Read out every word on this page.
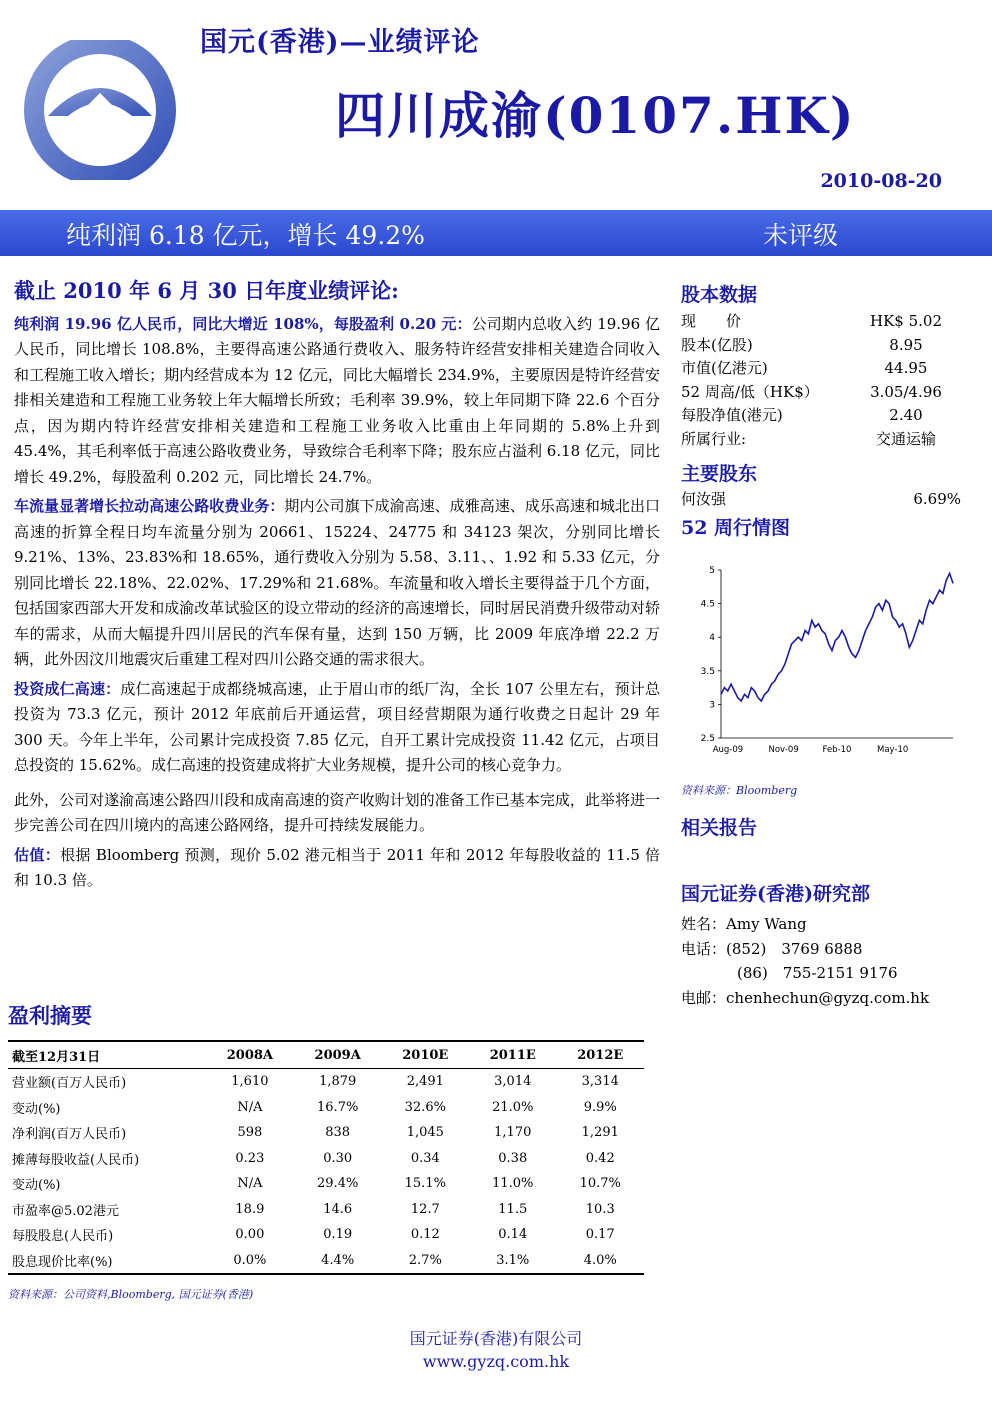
国元(香港)—业绩评论
四川成渝(0107.HK)
2010-08-20
纯利润 6.18 亿元，增长 49.2%	未评级
截止 2010 年 6 月 30 日年度业绩评论:
纯利润 19.96 亿人民币，同比大增近 108%，每股盈利 0.20 元：公司期内总收入约 19.96 亿人民币，同比增长 108.8%，主要得高速公路通行费收入、服务特许经营安排相关建造合同收入和工程施工收入增长；期内经营成本为 12 亿元，同比大幅增长 234.9%，主要原因是特许经营安排相关建造和工程施工业务较上年大幅增长所致；毛利率 39.9%，较上年同期下降 22.6 个百分点，因为期内特许经营安排相关建造和工程施工业务收入比重由上年同期的 5.8%上升到 45.4%，其毛利率低于高速公路收费业务，导致综合毛利率下降；股东应占溢利 6.18 亿元，同比增长 49.2%，每股盈利 0.202 元，同比增长 24.7%。
车流量显著增长拉动高速公路收费业务：期内公司旗下成渝高速、成雅高速、成乐高速和城北出口高速的折算全程日均车流量分别为 20661、15224、24775 和 34123 架次，分别同比增长 9.21%、13%、23.83%和 18.65%，通行费收入分别为 5.58、3.11、、1.92 和 5.33 亿元，分别同比增长 22.18%、22.02%、17.29%和 21.68%。车流量和收入增长主要得益于几个方面，包括国家西部大开发和成渝改革试验区的设立带动的经济的高速增长，同时居民消费升级带动对轿车的需求，从而大幅提升四川居民的汽车保有量，达到 150 万辆，比 2009 年底净增 22.2 万辆，此外因汶川地震灾后重建工程对四川公路交通的需求很大。
投资成仁高速：成仁高速起于成都绕城高速，止于眉山市的纸厂沟，全长 107 公里左右，预计总投资为 73.3 亿元，预计 2012 年底前后开通运营，项目经营期限为通行收费之日起计 29 年 300 天。今年上半年，公司累计完成投资 7.85 亿元，自开工累计完成投资 11.42 亿元，占项目总投资的 15.62%。成仁高速的投资建成将扩大业务规模，提升公司的核心竞争力。
此外，公司对遂渝高速公路四川段和成南高速的资产收购计划的准备工作已基本完成，此举将进一步完善公司在四川境内的高速公路网络，提升可持续发展能力。
估值：根据 Bloomberg 预测，现价 5.02 港元相当于 2011 年和 2012 年每股收益的 11.5 倍和 10.3 倍。
盈利摘要
截至12月31日	2008A	2009A	2010E	2011E	2012E
营业额(百万人民币)	1,610	1,879	2,491	3,014	3,314
变动(%)	N/A	16.7%	32.6%	21.0%	9.9%
净利润(百万人民币)	598	838	1,045	1,170	1,291
摊薄每股收益(人民币)	0.23	0.30	0.34	0.38	0.42
变动(%)	N/A	29.4%	15.1%	11.0%	10.7%
市盈率@5.02港元	18.9	14.6	12.7	11.5	10.3
每股股息(人民币)	0.00	0.19	0.12	0.14	0.17
股息现价比率(%)	0.0%	4.4%	2.7%	3.1%	4.0%
资料来源：公司资料,Bloomberg, 国元证券(香港)
股本数据
现　　价	HK$ 5.02
股本(亿股)	8.95
市值(亿港元)	44.95
52 周高/低（HK$）	3.05/4.96
每股净值(港元)	2.40
所属行业:	交通运输
主要股东
何汝强	6.69%
52 周行情图
5
4.5
4
3.5
3
2.5
Aug-09	Nov-09	Feb-10	May-10
资料来源：Bloomberg
相关报告
国元证券(香港)研究部
姓名：Amy Wang
电话：(852)　3769 6888
(86)　755-2151 9176
电邮：chenhechun@gyzq.com.hk
国元证券(香港)有限公司
www.gyzq.com.hk
